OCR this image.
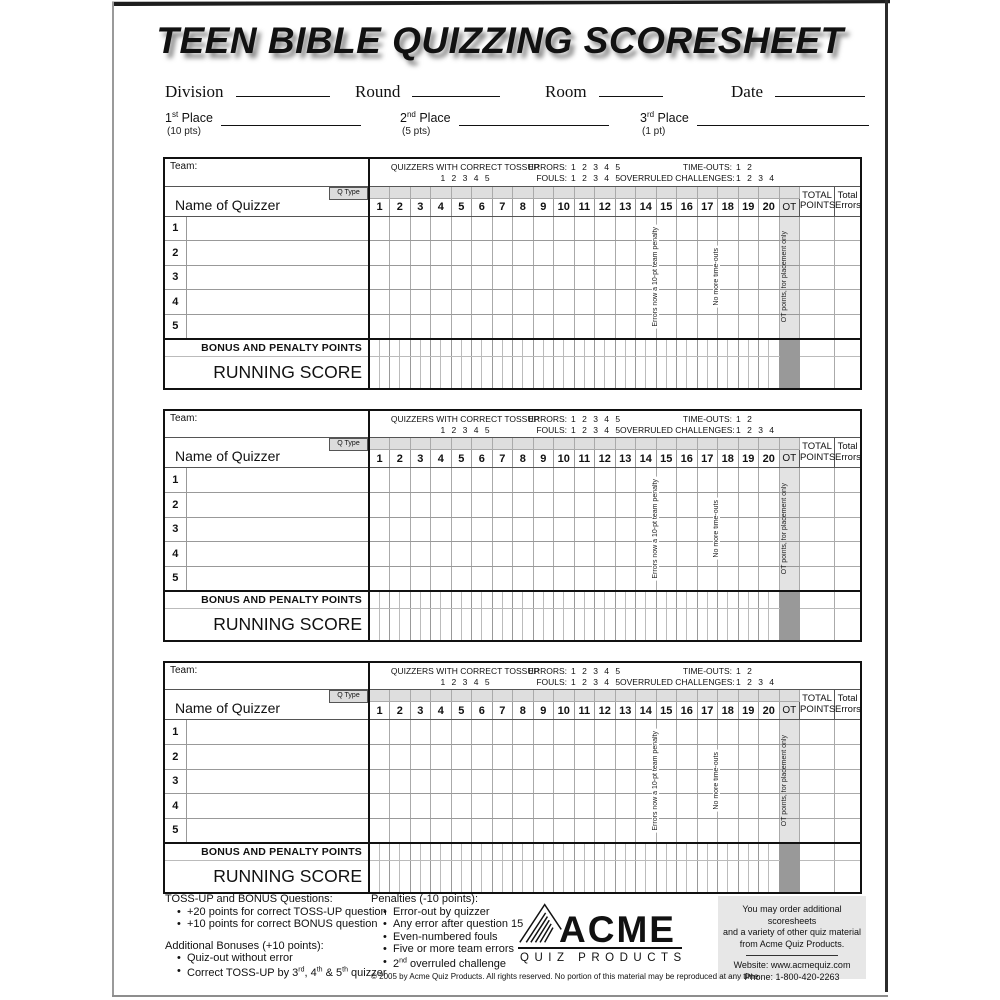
TEEN BIBLE QUIZZING SCORESHEET
Division	Round	Room	Date
1st Place
(10 pts)
2nd Place
(5 pts)
3rd Place
(1 pt)
Team:	QUIZZERS WITH CORRECT TOSSUP
1 2 3 4 5
ERRORS: 1 2 3 4 5
FOULS: 1 2 3 4 5
TIME-OUTS: 1 2
OVERRULED CHALLENGES: 1 2 3 4

Q Type
Name of Quizzer

TOTAL
POINTS

Total
Errors

		1	2	3	4	5	6	7	8	9	10	11	12	13	14	15	16	17	18	19	20	OT		
1																								
2																								
3																								
4																								
5																								
BONUS AND PENALTY POINTS																								
RUNNING SCORE																								
Errors now a 10-pt team penalty	No more time-outs	OT points, for placement only
Team:	QUIZZERS WITH CORRECT TOSSUP
1 2 3 4 5
ERRORS: 1 2 3 4 5
FOULS: 1 2 3 4 5
TIME-OUTS: 1 2
OVERRULED CHALLENGES: 1 2 3 4

Q Type
Name of Quizzer

TOTAL
POINTS

Total
Errors

		1	2	3	4	5	6	7	8	9	10	11	12	13	14	15	16	17	18	19	20	OT		
1																								
2																								
3																								
4																								
5																								
BONUS AND PENALTY POINTS																								
RUNNING SCORE																								
Errors now a 10-pt team penalty	No more time-outs	OT points, for placement only
Team:	QUIZZERS WITH CORRECT TOSSUP
1 2 3 4 5
ERRORS: 1 2 3 4 5
FOULS: 1 2 3 4 5
TIME-OUTS: 1 2
OVERRULED CHALLENGES: 1 2 3 4

Q Type
Name of Quizzer

TOTAL
POINTS

Total
Errors

		1	2	3	4	5	6	7	8	9	10	11	12	13	14	15	16	17	18	19	20	OT		
1																								
2																								
3																								
4																								
5																								
BONUS AND PENALTY POINTS																								
RUNNING SCORE																								
Errors now a 10-pt team penalty	No more time-outs	OT points, for placement only
TOSS-UP and BONUS Questions:
• +20 points for correct TOSS-UP question
• +10 points for correct BONUS question
Additional Bonuses (+10 points):
• Quiz-out without error
• Correct TOSS-UP by 3rd, 4th & 5th quizzer
Penalties (-10 points):
• Error-out by quizzer
• Any error after question 15
• Even-numbered fouls
• Five or more team errors
• 2nd overruled challenge
ACME
QUIZ PRODUCTS
You may order additional scoresheets
and a variety of other quiz material
from Acme Quiz Products.
Website: www.acmequiz.com
Phone: 1-800-420-2263
© 2005 by Acme Quiz Products. All rights reserved. No portion of this material may be reproduced at any time.
